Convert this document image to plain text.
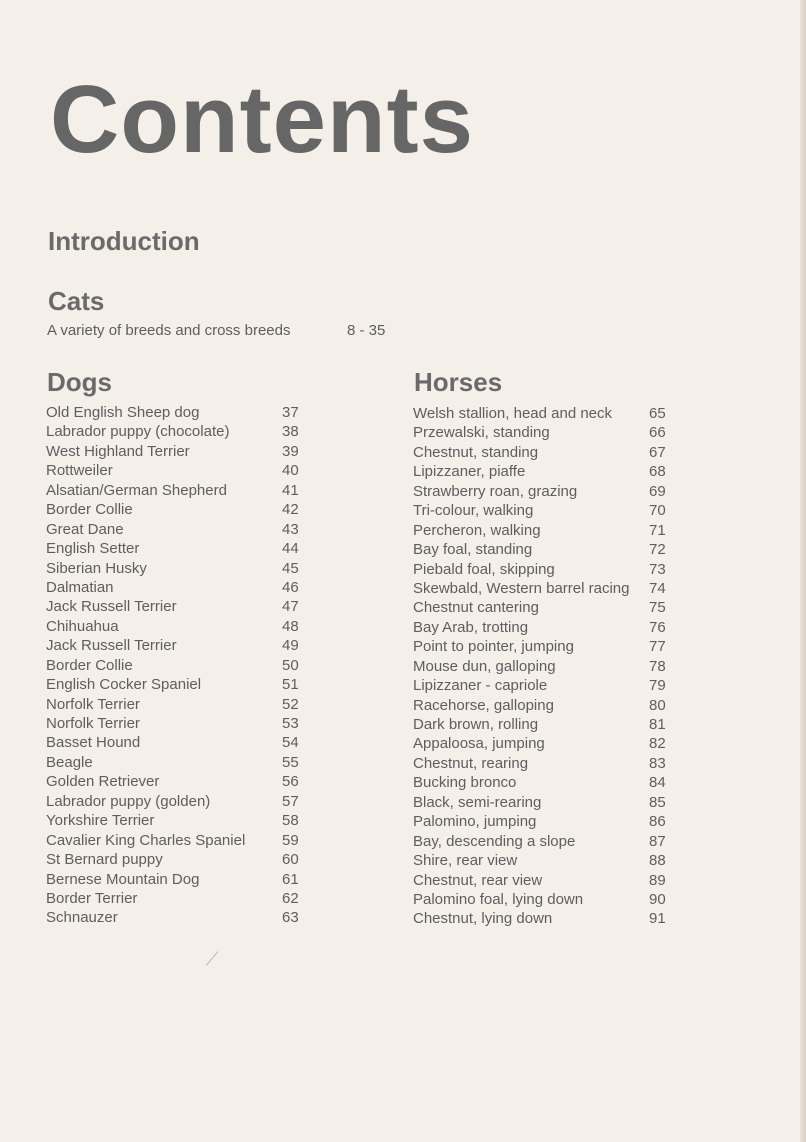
Contents
Introduction
Cats
A variety of breeds and cross breeds	8 - 35
Dogs
Old English Sheep dog	37
Labrador puppy (chocolate)	38
West Highland Terrier	39
Rottweiler	40
Alsatian/German Shepherd	41
Border Collie	42
Great Dane	43
English Setter	44
Siberian Husky	45
Dalmatian	46
Jack Russell Terrier	47
Chihuahua	48
Jack Russell Terrier	49
Border Collie	50
English Cocker Spaniel	51
Norfolk Terrier	52
Norfolk Terrier	53
Basset Hound	54
Beagle	55
Golden Retriever	56
Labrador puppy (golden)	57
Yorkshire Terrier	58
Cavalier King Charles Spaniel 59
St Bernard puppy	60
Bernese Mountain Dog	61
Border Terrier	62
Schnauzer	63
Horses
Welsh stallion, head and neck 65
Przewalski, standing	66
Chestnut, standing	67
Lipizzaner, piaffe	68
Strawberry roan, grazing	69
Tri-colour, walking	70
Percheron, walking	71
Bay foal, standing	72
Piebald foal, skipping	73
Skewbald, Western barrel racing 74
Chestnut cantering	75
Bay Arab, trotting	76
Point to pointer, jumping	77
Mouse dun, galloping	78
Lipizzaner - capriole	79
Racehorse, galloping	80
Dark brown, rolling	81
Appaloosa, jumping	82
Chestnut, rearing	83
Bucking bronco	84
Black, semi-rearing	85
Palomino, jumping	86
Bay, descending a slope	87
Shire, rear view	88
Chestnut, rear view	89
Palomino foal, lying down	90
Chestnut, lying down	91
